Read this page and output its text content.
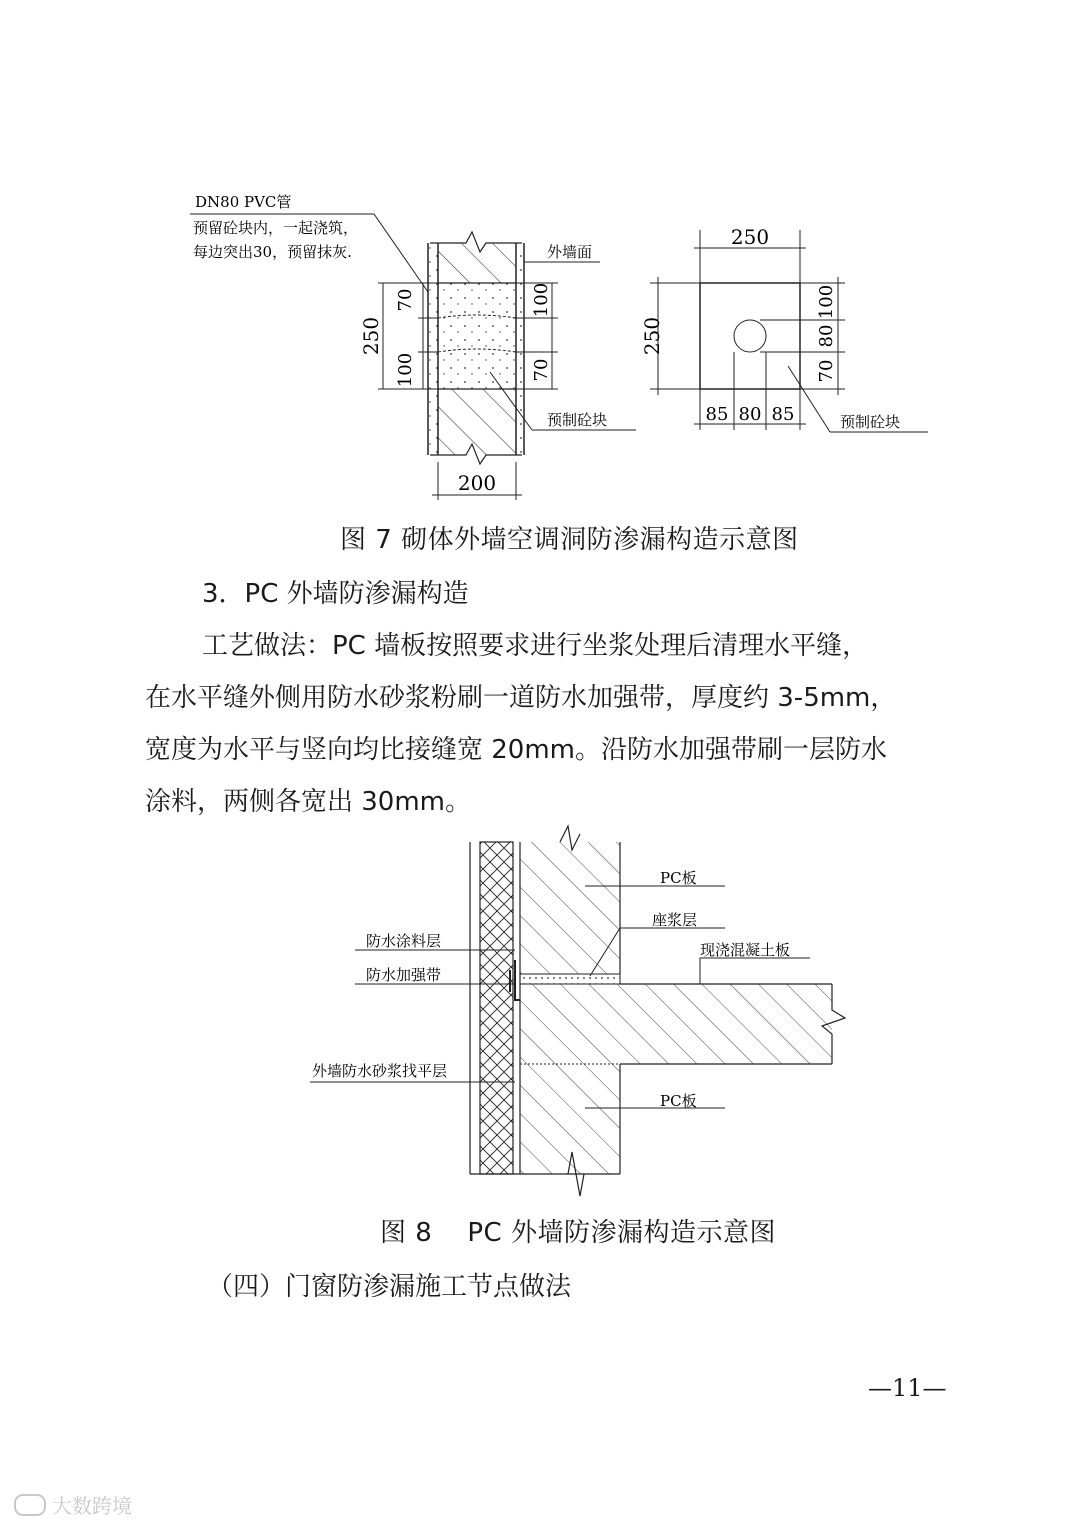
DN80 PVC管
预留砼块内，一起浇筑，
每边突出30，预留抹灰.
250
70
100
100
70
200
外墙面
预制砼块
250
250
100
80
70
85 80 85	预制砼块
图 7 砌体外墙空调洞防渗漏构造示意图
3．PC 外墙防渗漏构造
工艺做法：PC 墙板按照要求进行坐浆处理后清理水平缝，
在水平缝外侧用防水砂浆粉刷一道防水加强带，厚度约 3-5mm，
宽度为水平与竖向均比接缝宽 20mm。沿防水加强带刷一层防水
涂料，两侧各宽出 30mm。
PC板
座浆层
现浇混凝土板
防水涂料层
防水加强带
外墙防水砂浆找平层
PC板
图 8    PC 外墙防渗漏构造示意图
（四）门窗防渗漏施工节点做法
—11—
大数跨境
